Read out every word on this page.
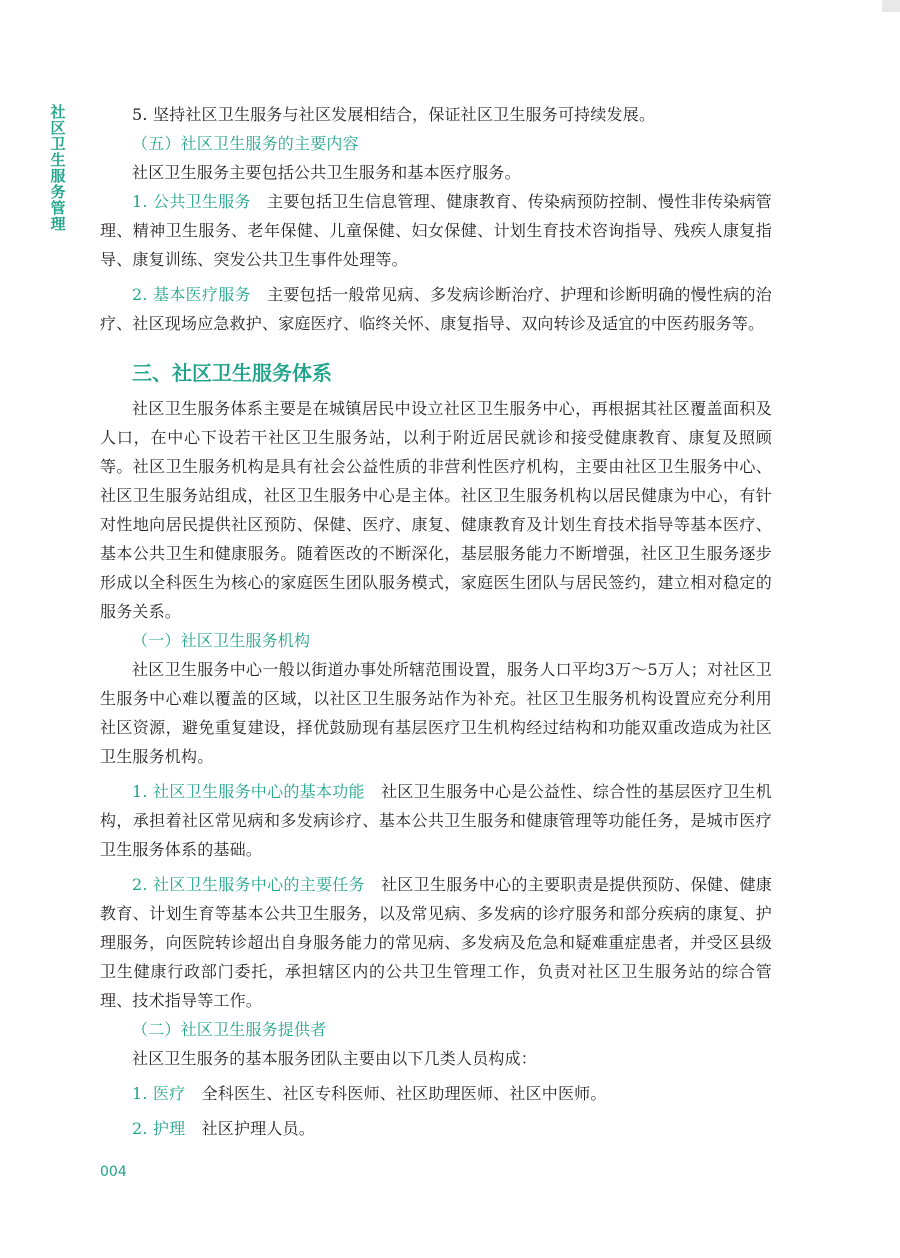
社区卫生服务管理

5. 坚持社区卫生服务与社区发展相结合，保证社区卫生服务可持续发展。

（五）社区卫生服务的主要内容

社区卫生服务主要包括公共卫生服务和基本医疗服务。

1. 公共卫生服务  主要包括卫生信息管理、健康教育、传染病预防控制、慢性非传染病管理、精神卫生服务、老年保健、儿童保健、妇女保健、计划生育技术咨询指导、残疾人康复指导、康复训练、突发公共卫生事件处理等。

2. 基本医疗服务  主要包括一般常见病、多发病诊断治疗、护理和诊断明确的慢性病的治疗、社区现场应急救护、家庭医疗、临终关怀、康复指导、双向转诊及适宜的中医药服务等。

三、社区卫生服务体系

社区卫生服务体系主要是在城镇居民中设立社区卫生服务中心，再根据其社区覆盖面积及人口，在中心下设若干社区卫生服务站，以利于附近居民就诊和接受健康教育、康复及照顾等。社区卫生服务机构是具有社会公益性质的非营利性医疗机构，主要由社区卫生服务中心、社区卫生服务站组成，社区卫生服务中心是主体。社区卫生服务机构以居民健康为中心，有针对性地向居民提供社区预防、保健、医疗、康复、健康教育及计划生育技术指导等基本医疗、基本公共卫生和健康服务。随着医改的不断深化，基层服务能力不断增强，社区卫生服务逐步形成以全科医生为核心的家庭医生团队服务模式，家庭医生团队与居民签约，建立相对稳定的服务关系。

（一）社区卫生服务机构

社区卫生服务中心一般以街道办事处所辖范围设置，服务人口平均3万～5万人；对社区卫生服务中心难以覆盖的区域，以社区卫生服务站作为补充。社区卫生服务机构设置应充分利用社区资源，避免重复建设，择优鼓励现有基层医疗卫生机构经过结构和功能双重改造成为社区卫生服务机构。

1. 社区卫生服务中心的基本功能  社区卫生服务中心是公益性、综合性的基层医疗卫生机构，承担着社区常见病和多发病诊疗、基本公共卫生服务和健康管理等功能任务，是城市医疗卫生服务体系的基础。

2. 社区卫生服务中心的主要任务  社区卫生服务中心的主要职责是提供预防、保健、健康教育、计划生育等基本公共卫生服务，以及常见病、多发病的诊疗服务和部分疾病的康复、护理服务，向医院转诊超出自身服务能力的常见病、多发病及危急和疑难重症患者，并受区县级卫生健康行政部门委托，承担辖区内的公共卫生管理工作，负责对社区卫生服务站的综合管理、技术指导等工作。

（二）社区卫生服务提供者

社区卫生服务的基本服务团队主要由以下几类人员构成：

1. 医疗  全科医生、社区专科医师、社区助理医师、社区中医师。

2. 护理  社区护理人员。

004
